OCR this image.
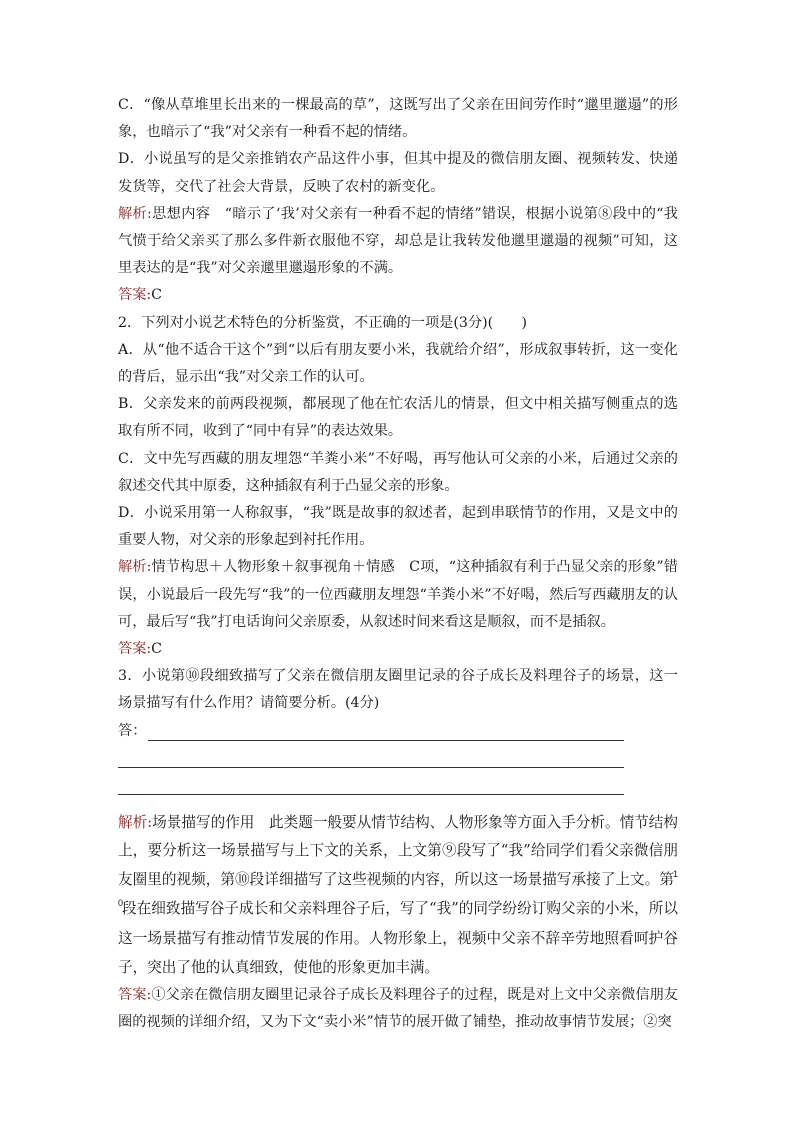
C．“像从草堆里长出来的一棵最高的草”，这既写出了父亲在田间劳作时“邋里邋遢”的形象，也暗示了“我”对父亲有一种看不起的情绪。

D．小说虽写的是父亲推销农产品这件小事，但其中提及的微信朋友圈、视频转发、快递发货等，交代了社会大背景，反映了农村的新变化。

解析:思想内容　“暗示了‘我’对父亲有一种看不起的情绪”错误，根据小说第⑧段中的“我气愤于给父亲买了那么多件新衣服他不穿，却总是让我转发他邋里邋遢的视频”可知，这里表达的是“我”对父亲邋里邋遢形象的不满。

答案:C

2．下列对小说艺术特色的分析鉴赏，不正确的一项是(3分)(　　)

A．从“他不适合干这个”到“以后有朋友要小米，我就给介绍”，形成叙事转折，这一变化的背后，显示出“我”对父亲工作的认可。

B．父亲发来的前两段视频，都展现了他在忙农活儿的情景，但文中相关描写侧重点的选取有所不同，收到了“同中有异”的表达效果。

C．文中先写西藏的朋友埋怨“羊粪小米”不好喝，再写他认可父亲的小米，后通过父亲的叙述交代其中原委，这种插叙有利于凸显父亲的形象。

D．小说采用第一人称叙事，“我”既是故事的叙述者，起到串联情节的作用，又是文中的重要人物，对父亲的形象起到衬托作用。

解析:情节构思＋人物形象＋叙事视角＋情感　C项，“这种插叙有利于凸显父亲的形象”错误，小说最后一段先写“我”的一位西藏朋友埋怨“羊粪小米”不好喝，然后写西藏朋友的认可，最后写“我”打电话询问父亲原委，从叙述时间来看这是顺叙，而不是插叙。

答案:C

3．小说第⑩段细致描写了父亲在微信朋友圈里记录的谷子成长及料理谷子的场景，这一场景描写有什么作用？请简要分析。(4分)

答：

解析:场景描写的作用　此类题一般要从情节结构、人物形象等方面入手分析。情节结构上，要分析这一场景描写与上下文的关系，上文第⑨段写了“我”给同学们看父亲微信朋友圈里的视频，第⑩段详细描写了这些视频的内容，所以这一场景描写承接了上文。第$^{10}$段在细致描写谷子成长和父亲料理谷子后，写了“我”的同学纷纷订购父亲的小米，所以这一场景描写有推动情节发展的作用。人物形象上，视频中父亲不辞辛劳地照看呵护谷子，突出了他的认真细致，使他的形象更加丰满。

答案:①父亲在微信朋友圈里记录谷子成长及料理谷子的过程，既是对上文中父亲微信朋友圈的视频的详细介绍，又为下文“卖小米”情节的展开做了铺垫，推动故事情节发展；②突
